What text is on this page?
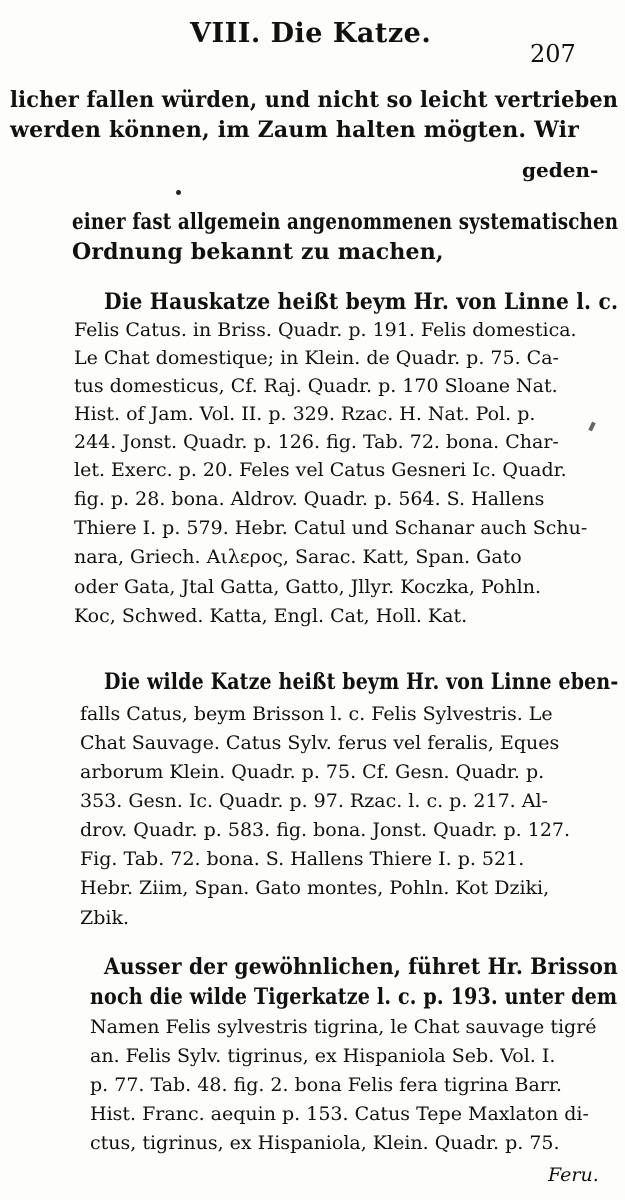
VIII. Die Katze.
207
licher fallen würden, und nicht so leicht vertrieben
werden können, im Zaum halten mögten. Wir
geden-
einer fast allgemein angenommenen systematischen
Ordnung bekannt zu machen,
Die Hauskatze heißt beym Hr. von Linne l. c.
Felis Catus. in Briss. Quadr. p. 191. Felis domestica.
Le Chat domestique; in Klein. de Quadr. p. 75. Ca-
tus domesticus, Cf. Raj. Quadr. p. 170 Sloane Nat.
Hist. of Jam. Vol. II. p. 329. Rzac. H. Nat. Pol. p.
244. Jonst. Quadr. p. 126. fig. Tab. 72. bona. Char-
let. Exerc. p. 20. Feles vel Catus Gesneri Ic. Quadr.
fig. p. 28. bona. Aldrov. Quadr. p. 564. S. Hallens
Thiere I. p. 579. Hebr. Catul und Schanar auch Schu-
nara, Griech. Αιλερος, Sarac. Katt, Span. Gato
oder Gata, Jtal Gatta, Gatto, Jllyr. Koczka, Pohln.
Koc, Schwed. Katta, Engl. Cat, Holl. Kat.
Die wilde Katze heißt beym Hr. von Linne eben-
falls Catus, beym Brisson l. c. Felis Sylvestris. Le
Chat Sauvage. Catus Sylv. ferus vel feralis, Eques
arborum Klein. Quadr. p. 75. Cf. Gesn. Quadr. p.
353. Gesn. Ic. Quadr. p. 97. Rzac. l. c. p. 217. Al-
drov. Quadr. p. 583. fig. bona. Jonst. Quadr. p. 127.
Fig. Tab. 72. bona. S. Hallens Thiere I. p. 521.
Hebr. Ziim, Span. Gato montes, Pohln. Kot Dziki,
Zbik.
Ausser der gewöhnlichen, führet Hr. Brisson
noch die wilde Tigerkatze l. c. p. 193. unter dem
Namen Felis sylvestris tigrina, le Chat sauvage tigré
an. Felis Sylv. tigrinus, ex Hispaniola Seb. Vol. I.
p. 77. Tab. 48. fig. 2. bona Felis fera tigrina Barr.
Hist. Franc. aequin p. 153. Catus Tepe Maxlaton di-
ctus, tigrinus, ex Hispaniola, Klein. Quadr. p. 75.
Feru.
